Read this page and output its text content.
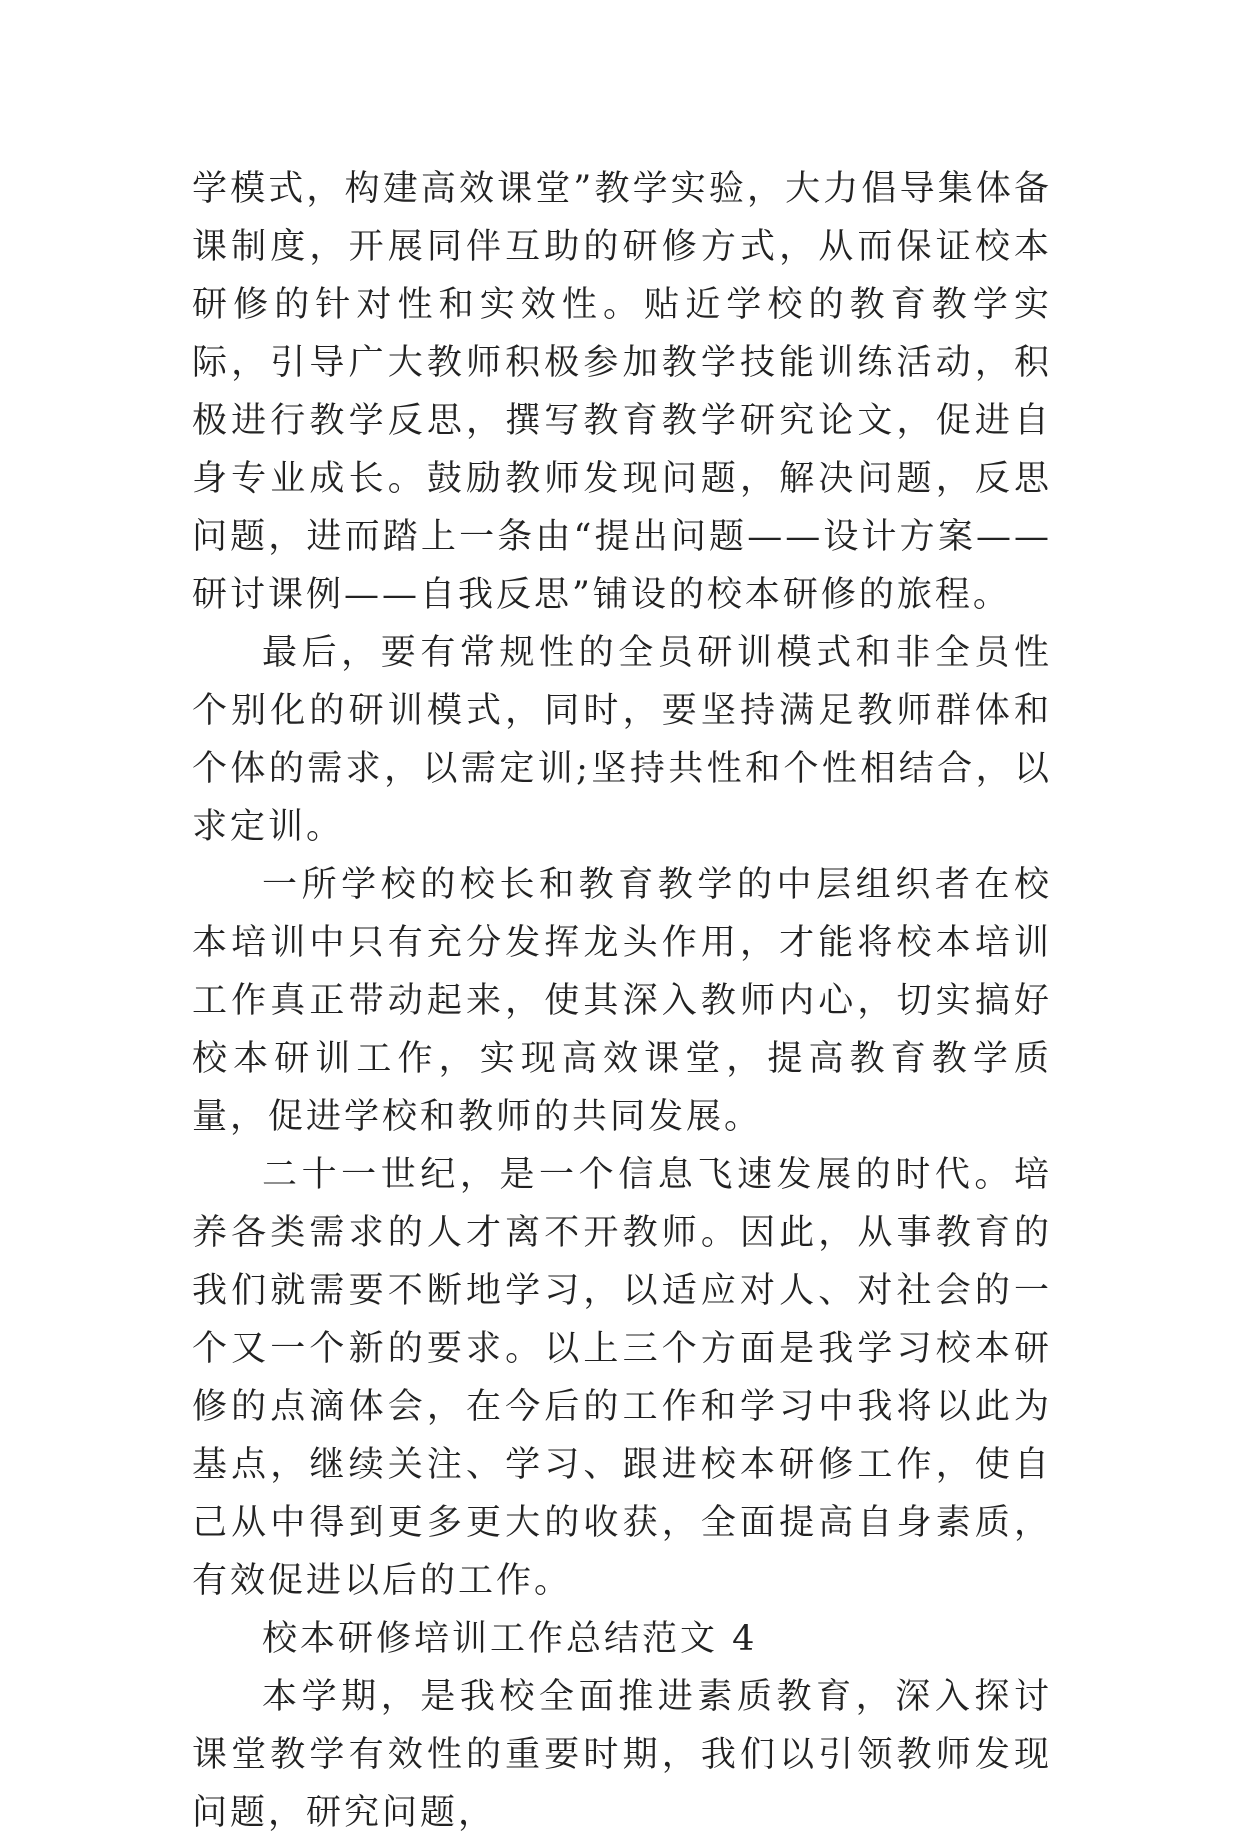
学模式，构建高效课堂”教学实验，大力倡导集体备课制度，开展同伴互助的研修方式，从而保证校本研修的针对性和实效性。贴近学校的教育教学实际，引导广大教师积极参加教学技能训练活动，积极进行教学反思，撰写教育教学研究论文，促进自身专业成长。鼓励教师发现问题，解决问题，反思问题，进而踏上一条由“提出问题——设计方案——研讨课例——自我反思”铺设的校本研修的旅程。

最后，要有常规性的全员研训模式和非全员性个别化的研训模式，同时，要坚持满足教师群体和个体的需求，以需定训;坚持共性和个性相结合，以求定训。

一所学校的校长和教育教学的中层组织者在校本培训中只有充分发挥龙头作用，才能将校本培训工作真正带动起来，使其深入教师内心，切实搞好校本研训工作，实现高效课堂，提高教育教学质量，促进学校和教师的共同发展。

二十一世纪，是一个信息飞速发展的时代。培养各类需求的人才离不开教师。因此，从事教育的我们就需要不断地学习，以适应对人、对社会的一个又一个新的要求。以上三个方面是我学习校本研修的点滴体会，在今后的工作和学习中我将以此为基点，继续关注、学习、跟进校本研修工作，使自己从中得到更多更大的收获，全面提高自身素质，有效促进以后的工作。

校本研修培训工作总结范文 4

本学期，是我校全面推进素质教育，深入探讨课堂教学有效性的重要时期，我们以引领教师发现问题，研究问题，
